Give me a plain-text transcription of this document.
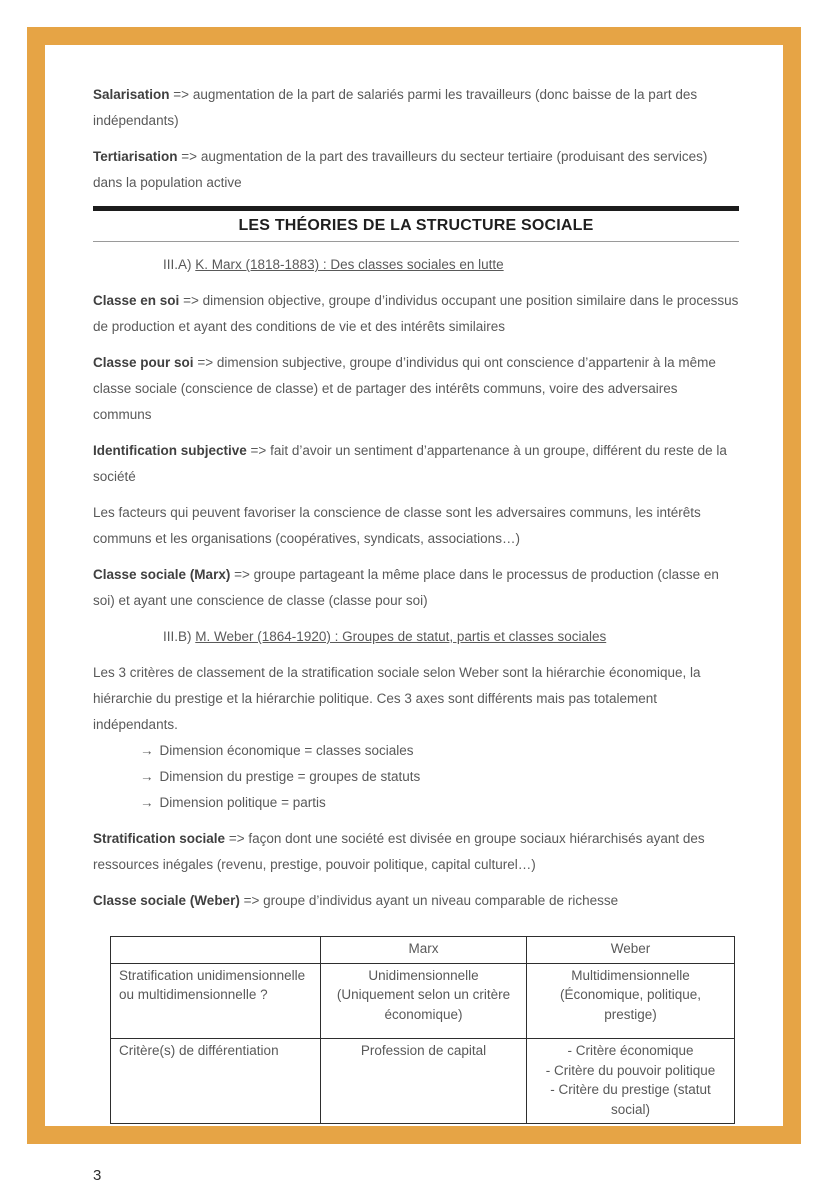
Salarisation => augmentation de la part de salariés parmi les travailleurs (donc baisse de la part des indépendants)

Tertiarisation => augmentation de la part des travailleurs du secteur tertiaire (produisant des services) dans la population active

LES THÉORIES DE LA STRUCTURE SOCIALE
III.A) K. Marx (1818-1883) : Des classes sociales en lutte

Classe en soi => dimension objective, groupe d’individus occupant une position similaire dans le processus de production et ayant des conditions de vie et des intérêts similaires

Classe pour soi => dimension subjective, groupe d’individus qui ont conscience d’appartenir à la même classe sociale (conscience de classe) et de partager des intérêts communs, voire des adversaires communs

Identification subjective => fait d’avoir un sentiment d’appartenance à un groupe, différent du reste de la société

Les facteurs qui peuvent favoriser la conscience de classe sont les adversaires communs, les intérêts communs et les organisations (coopératives, syndicats, associations…)

Classe sociale (Marx) => groupe partageant la même place dans le processus de production (classe en soi) et ayant une conscience de classe (classe pour soi)

III.B) M. Weber (1864-1920) : Groupes de statut, partis et classes sociales

Les 3 critères de classement de la stratification sociale selon Weber sont la hiérarchie économique, la hiérarchie du prestige et la hiérarchie politique. Ces 3 axes sont différents mais pas totalement indépendants.

→ Dimension économique = classes sociales
→ Dimension du prestige = groupes de statuts
→ Dimension politique = partis

Stratification sociale => façon dont une société est divisée en groupe sociaux hiérarchisés ayant des ressources inégales (revenu, prestige, pouvoir politique, capital culturel…)

Classe sociale (Weber) => groupe d’individus ayant un niveau comparable de richesse

	Marx	Weber
Stratification unidimensionnelle ou multidimensionnelle ?	Unidimensionnelle (Uniquement selon un critère économique)	Multidimensionnelle (Économique, politique, prestige)
Critère(s) de différentiation	Profession de capital	- Critère économique
- Critère du pouvoir politique
- Critère du prestige (statut social)
3
